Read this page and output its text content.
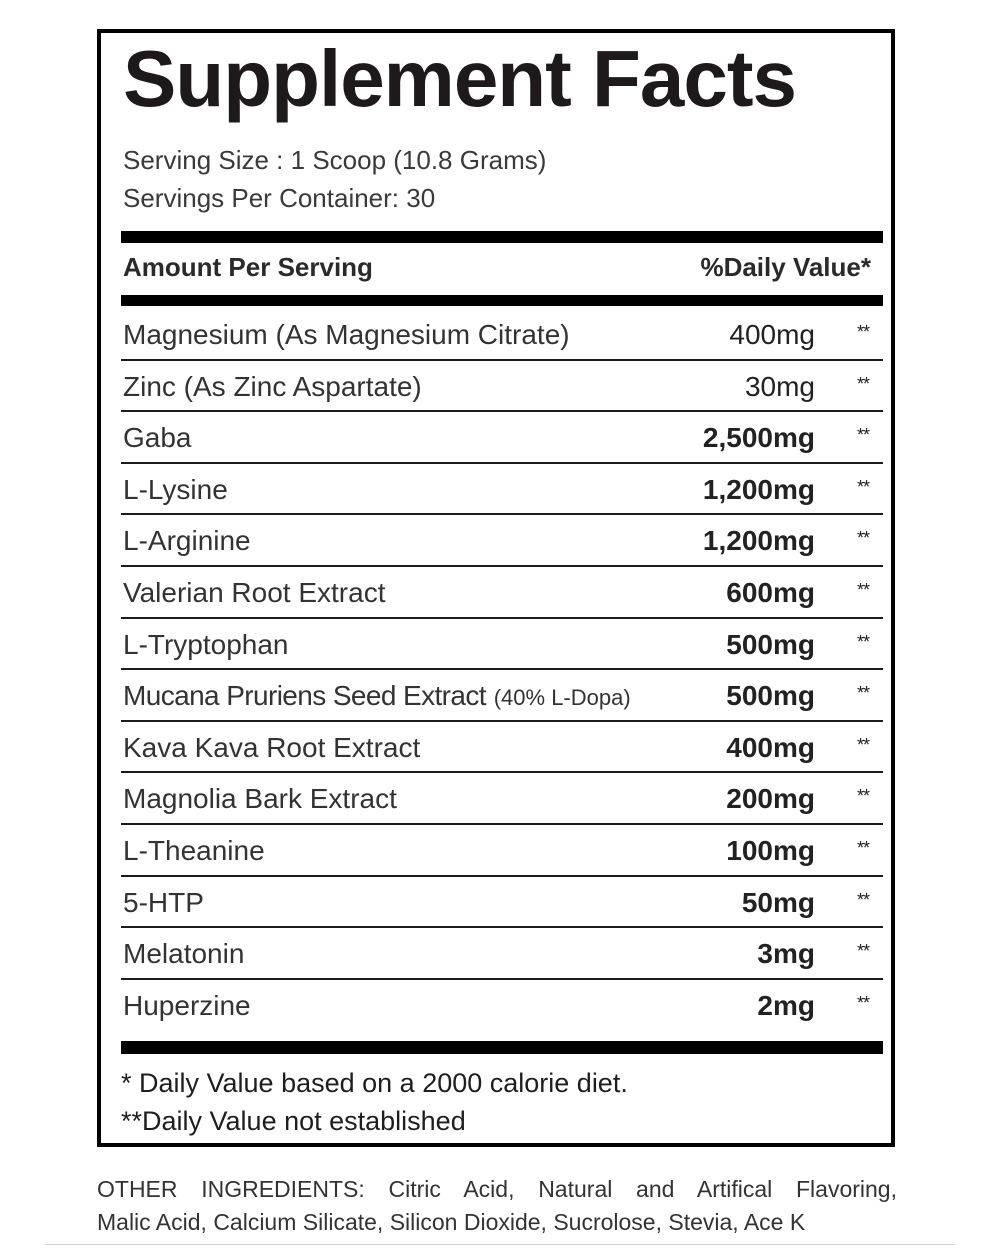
Supplement Facts
Serving Size : 1 Scoop (10.8 Grams)
Servings Per Container: 30
Amount Per Serving	%Daily Value*
Magnesium (As Magnesium Citrate)	400mg **
Zinc (As Zinc Aspartate)	30mg **
Gaba	2,500mg **
L-Lysine	1,200mg **
L-Arginine	1,200mg **
Valerian Root Extract	600mg **
L-Tryptophan	500mg **
Mucana Pruriens Seed Extract (40% L-Dopa)	500mg **
Kava Kava Root Extract	400mg **
Magnolia Bark Extract	200mg **
L-Theanine	100mg **
5-HTP	50mg **
Melatonin	3mg **
Huperzine	2mg **
* Daily Value based on a 2000 calorie diet.
**Daily Value not established
OTHER INGREDIENTS: Citric Acid, Natural and Artifical Flavoring,
Malic Acid, Calcium Silicate, Silicon Dioxide, Sucrolose, Stevia, Ace K
